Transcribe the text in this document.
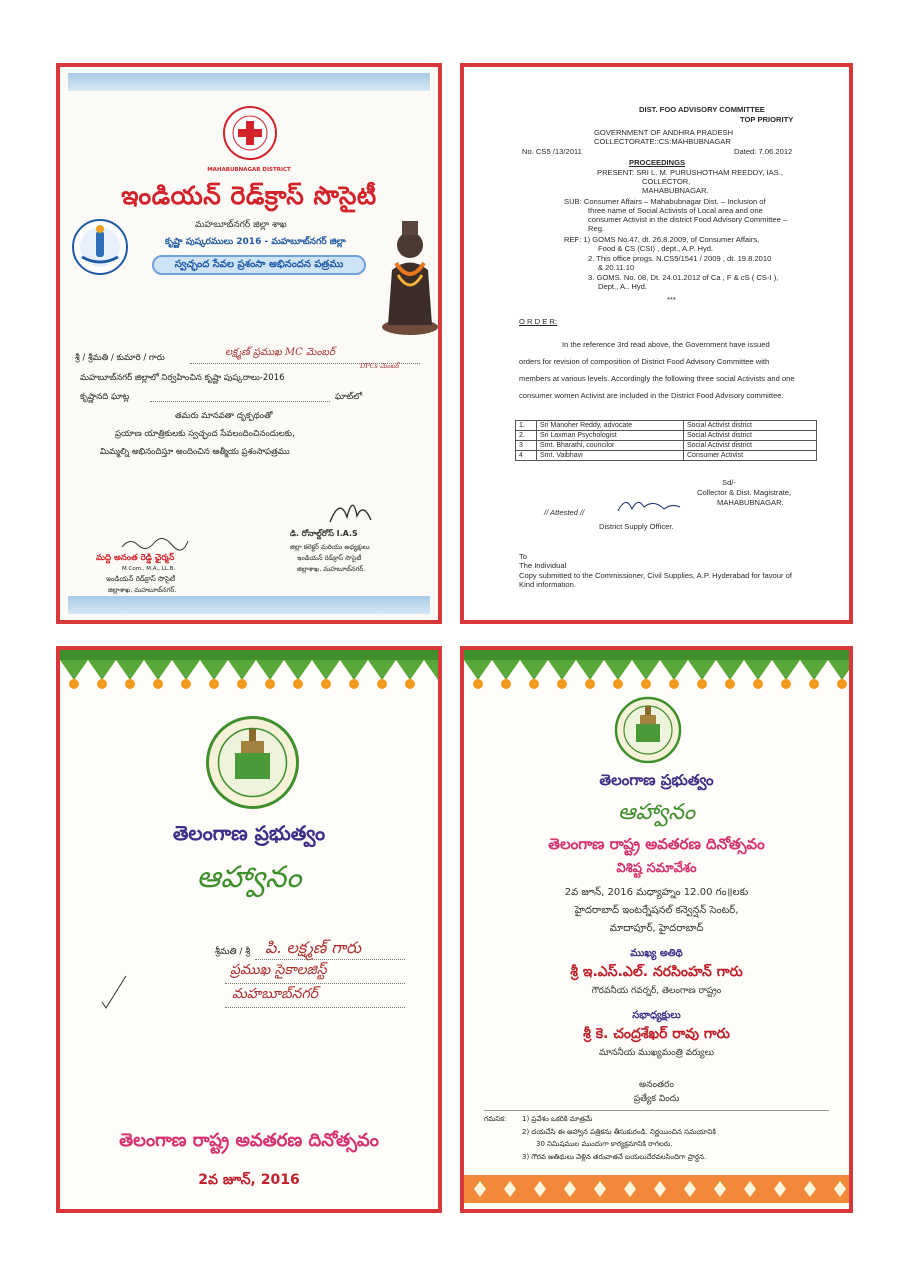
MAHABUBNAGAR DISTRICT
ఇండియన్ రెడ్‌క్రాస్ సొసైటీ
మహబూబ్‌నగర్ జిల్లా శాఖ
కృష్ణా పుష్కరములు 2016 - మహబూబ్‌నగర్ జిల్లా
స్వచ్ఛంద సేవల ప్రశంసా అభినందన పత్రము
శ్రీ / శ్రీమతి / కుమారి / గారు	లక్ష్మణ్ ప్రముఖ MC మెంబర్
DPCs మెంబర్
మహబూబ్‌నగర్ జిల్లాలో నిర్వహించిన కృష్ణా పుష్కరాలు-2016
కృష్ణానది ఘాట్ల	ఘాట్‌లో
తమరు మానవతా దృక్పథంతో
ప్రయాణ యాత్రికులకు స్వచ్ఛంద సేవలందించినందులకు,
మిమ్మల్ని అభినందిస్తూ అందించిన ఆత్మీయ ప్రశంసాపత్రము
మద్ది అనంత రెడ్డి ఛైర్మన్
M.Com., M.A., LL.B.
ఇండియన్ రెడ్‌క్రాస్ సొసైటీ
జిల్లాశాఖ, మహబూబ్‌నగర్.
డి. రోనాల్డ్‌రోస్ I.A.S
జిల్లా కలెక్టర్ మరియు అధ్యక్షులు
ఇండియన్ రెడ్‌క్రాస్ సొసైటీ
జిల్లాశాఖ, మహబూబ్‌నగర్.
DIST. FOO ADVISORY COMMITTEE
TOP PRIORITY
GOVERNMENT OF ANDHRA PRADESH
COLLECTORATE::CS:MAHBUBNAGAR
No. CS5 /13/2011	Dated: 7.06.2012
PROCEEDINGS
PRESENT: SRI L. M. PURUSHOTHAM REEDDY, IAS.,
COLLECTOR,
MAHABUBNAGAR.
SUB: Consumer Affairs – Mahabubnagar Dist. – Inclusion of
three name of Social Activists of Local area and one
consumer Activist in the district Food Advisory Committee –
Reg.
REF: 1) GOMS No.47, dt. 26.8.2009, of Consumer Affairs,
Food & CS (CSI) , dept., A.P. Hyd.
2. This office progs. N.CS5/1541 / 2009 , dt. 19.8.2010
& 20.11.10
3. GOMS. No. 08, Dt. 24.01.2012 of Ca , F & cS ( CS-I ),
Dept., A.. Hyd.
***
O R D E R:
In the reference 3rd read above, the Government have issued
orders for revision of composition of District Food Advisory Committee with
members at various levels. Accordingly the following three social Activists and one
consumer women Activist are included in the District Food Advisory committee.
1.	Sri Manoher Reddy, advocate	Social Activist district
2.	Sri Laxman Psychologist	Social Activist district
3	Smt. Bharathi, councilor	Social Activist district
4	Smt. Vaibhavi	Consumer Activist
Sd/-
Collector & Dist. Magistrate,
MAHABUBNAGAR.
// Attested //
District Supply Officer.
To
The Individual
Copy submitted to the Commissioner, Civil Supplies, A.P. Hyderabad for favour of
Kind information.
తెలంగాణ ప్రభుత్వం
ఆహ్వానం
శ్రీమతి / శ్రీ పి. లక్ష్మణ్ గారు
ప్రముఖ సైకాలజిస్ట్
మహబూబ్‌నగర్
తెలంగాణ రాష్ట్ర అవతరణ దినోత్సవం
2వ జూన్, 2016
తెలంగాణ ప్రభుత్వం
ఆహ్వానం
తెలంగాణ రాష్ట్ర అవతరణ దినోత్సవం
విశిష్ట సమావేశం
2వ జూన్, 2016 మధ్యాహ్నం 12.00 గం॥లకు
హైదరాబాద్ ఇంటర్నేషనల్ కన్వెన్షన్ సెంటర్,
మాదాపూర్, హైదరాబాద్
ముఖ్య అతిథి
శ్రీ ఇ.ఎస్.ఎల్. నరసింహన్ గారు
గౌరవనీయ గవర్నర్, తెలంగాణ రాష్ట్రం
సభాధ్యక్షులు
శ్రీ కె. చంద్రశేఖర్ రావు గారు
మాననీయ ముఖ్యమంత్రి వర్యులు
అనంతరం
ప్రత్యేక విందు
గమనిక: 1) ప్రవేశం ఒకరికి మాత్రమే
2) దయచేసి ఈ ఆహ్వాన పత్రికను తీసుకురండి. నిర్ణయించిన సమయానికి
30 నిమిషముల ముందుగా కార్యక్రమానికి రాగలరు.
3) గౌరవ అతిథులు వెళ్లిన తరువాతనే బయలుదేరవలసిందిగా ప్రార్థన.
